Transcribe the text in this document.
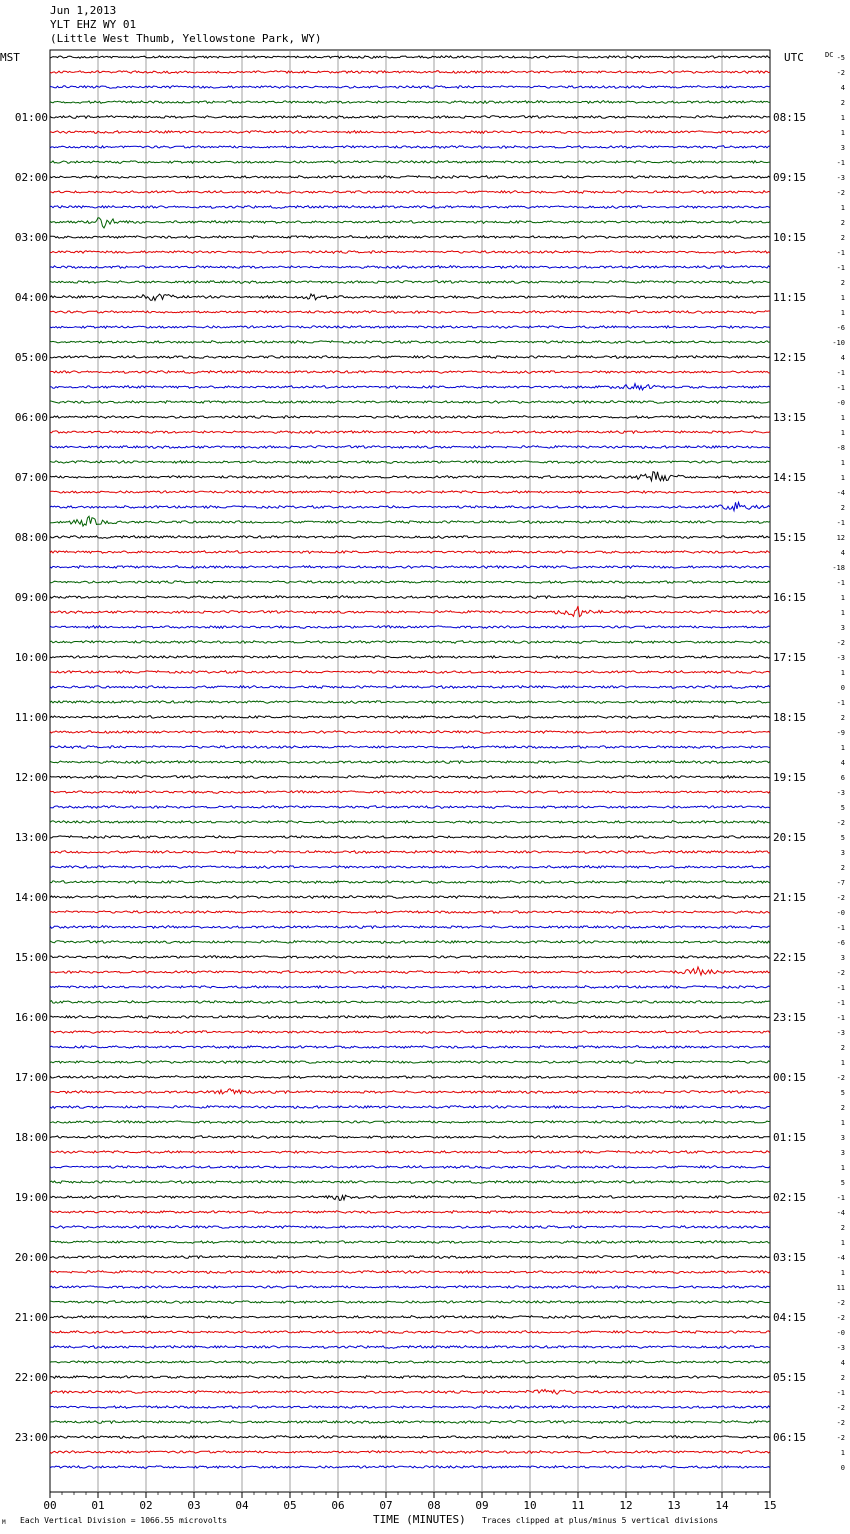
Jun 1,2013
YLT EHZ WY 01
(Little West Thumb, Yellowstone Park, WY)
00	01	02	03	04	05	06	07	08	09	10	11	12	13	14	15
MST	UTC	-5
-2
4
2
1
1
3
-1
-3
-2
1
2
2
-1
-1
2
1
1
-6
-10
4
-1
-1
-0
1
1
-8
1
1
-4
2
-1
12
4
-18
-1
1
1
3
-2
-3
1
0
-1
2
-9
1
4
6
-3
5
-2
5
3
2
-7
-2
-0
-1
-6
3
-2
-1
-1
-1
-3
2
1
-2
5
2
1
3
3
1
5
-1
-4
2
1
-4
1
11
-2
-2
-0
-3
4
2
-1
-2
-2
-2
1
0
DC
01:00
02:00
03:00
04:00
05:00
06:00
07:00
08:00
09:00
10:00
11:00
12:00
13:00
14:00
15:00
16:00
17:00
18:00
19:00
20:00
21:00
22:00
23:00
08:15
09:15
10:15
11:15
12:15
13:15
14:15
15:15
16:15
17:15
18:15
19:15
20:15
21:15
22:15
23:15
00:15
01:15
02:15
03:15
04:15
05:15
06:15
M Each Vertical Division = 1066.55 microvolts	TIME (MINUTES) Traces clipped at plus/minus 5 vertical divisions
